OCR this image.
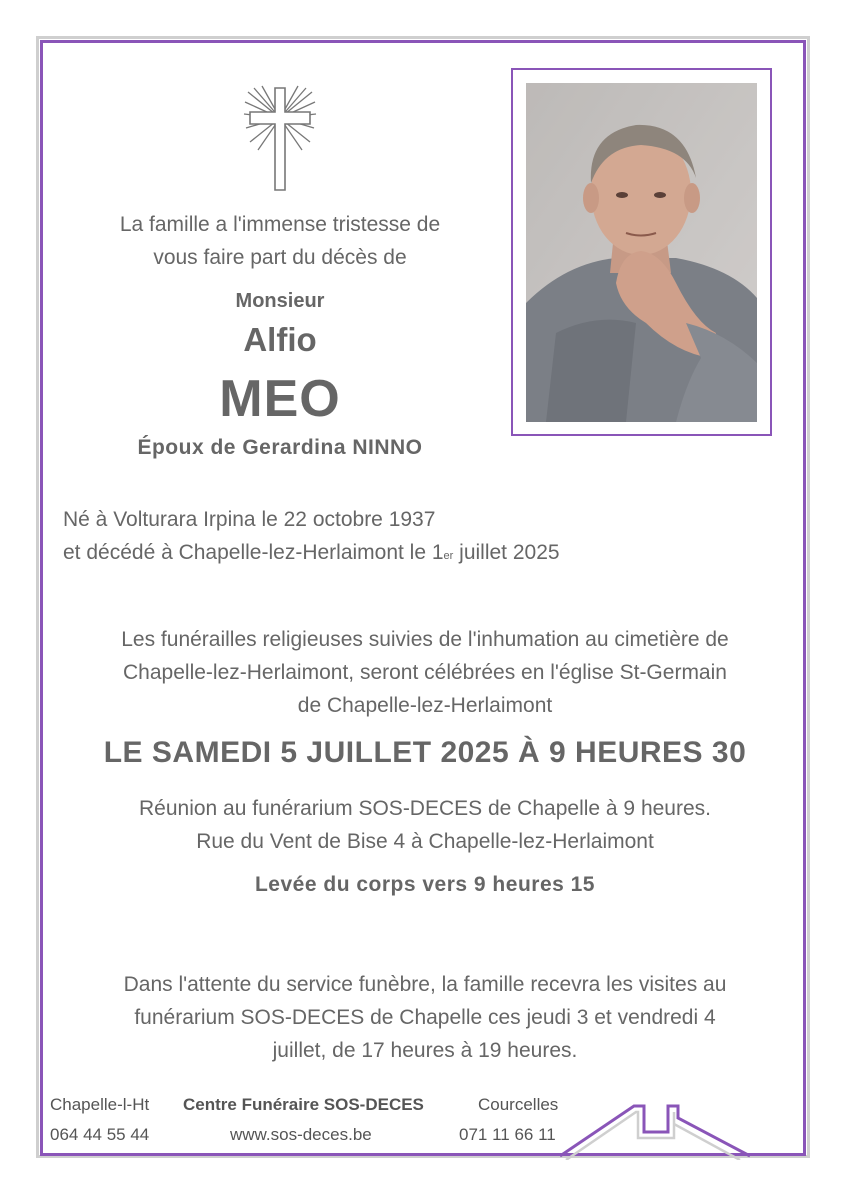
La famille a l'immense tristesse de
vous faire part du décès de
Monsieur
Alfio
MEO
Époux de Gerardina NINNO
Né à Volturara Irpina le 22 octobre 1937
et décédé à Chapelle-lez-Herlaimont le 1er juillet 2025
Les funérailles religieuses suivies de l'inhumation au cimetière de
Chapelle-lez-Herlaimont, seront célébrées en l'église St-Germain
de Chapelle-lez-Herlaimont
LE SAMEDI 5 JUILLET 2025 À 9 HEURES 30
Réunion au funérarium SOS-DECES de Chapelle à 9 heures.
Rue du Vent de Bise 4 à Chapelle-lez-Herlaimont
Levée du corps vers 9 heures 15
Dans l'attente du service funèbre, la famille recevra les visites au
funérarium SOS-DECES de Chapelle ces jeudi 3 et vendredi 4
juillet, de 17 heures à 19 heures.
Chapelle-l-Ht
064 44 55 44
Centre Funéraire SOS-DECES
www.sos-deces.be
Courcelles
071 11 66 11
